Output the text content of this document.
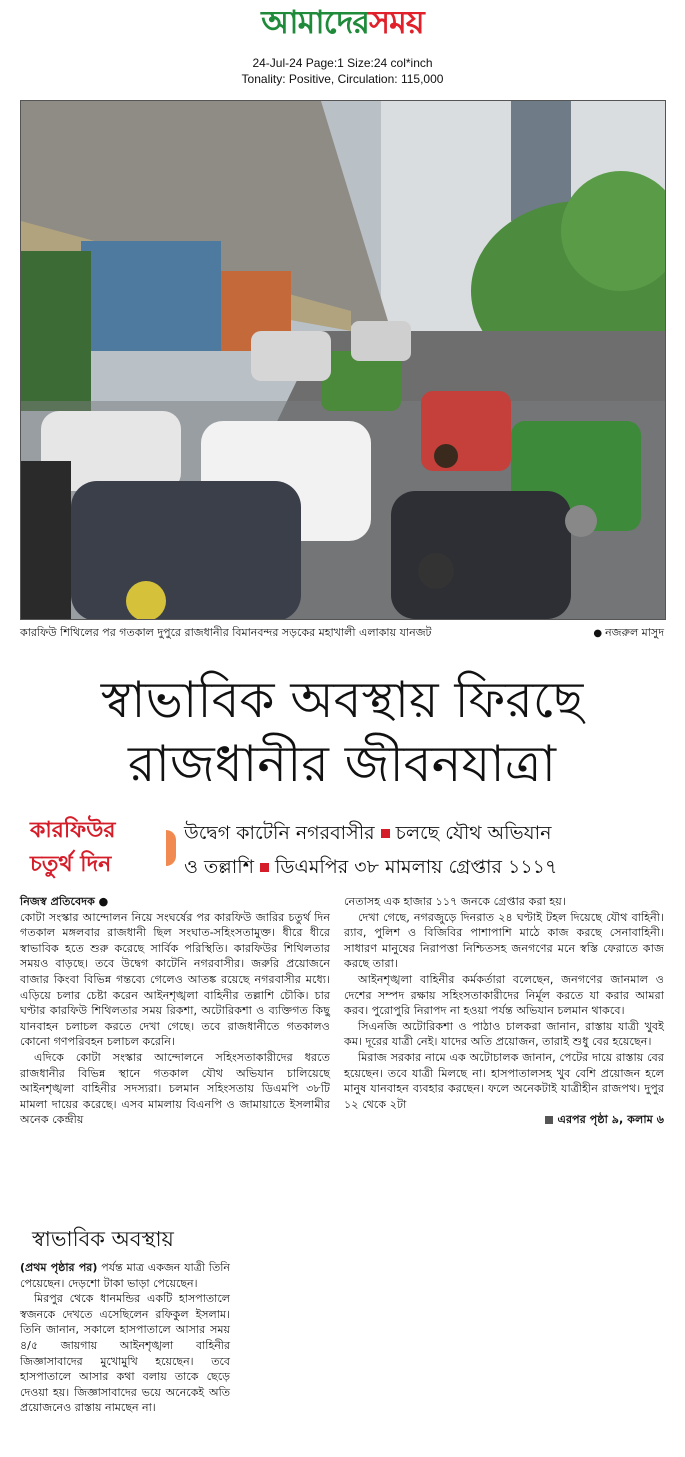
আমাদেরসময়
24-Jul-24 Page:1 Size:24 col*inch
Tonality: Positive, Circulation: 115,000
কারফিউ শিথিলের পর গতকাল দুপুরে রাজধানীর বিমানবন্দর সড়কের মহাখালী এলাকায় যানজট	● নজরুল মাসুদ
স্বাভাবিক অবস্থায় ফিরছে
রাজধানীর জীবনযাত্রা
কারফিউর
চতুর্থ দিন
উদ্বেগ কাটেনি নগরবাসীর চলছে যৌথ অভিযান
ও তল্লাশি ডিএমপির ৩৮ মামলায় গ্রেপ্তার ১১১৭

নিজস্ব প্রতিবেদক ●

কোটা সংস্কার আন্দোলন নিয়ে সংঘর্ষের পর কারফিউ জারির চতুর্থ দিন গতকাল মঙ্গলবার রাজধানী ছিল সংঘাত-সহিংসতামুক্ত। ধীরে ধীরে স্বাভাবিক হতে শুরু করেছে সার্বিক পরিস্থিতি। কারফিউর শিথিলতার সময়ও বাড়ছে। তবে উদ্বেগ কাটেনি নগরবাসীর। জরুরি প্রয়োজনে বাজার কিংবা বিভিন্ন গন্তব্যে গেলেও আতঙ্ক রয়েছে নগরবাসীর মধ্যে। এড়িয়ে চলার চেষ্টা করেন আইনশৃঙ্খলা বাহিনীর তল্লাশি চৌকি। চার ঘণ্টার কারফিউ শিথিলতার সময় রিকশা, অটোরিকশা ও ব্যক্তিগত কিছু যানবাহন চলাচল করতে দেখা গেছে। তবে রাজধানীতে গতকালও কোনো গণপরিবহন চলাচল করেনি।

এদিকে কোটা সংস্কার আন্দোলনে সহিংসতাকারীদের ধরতে রাজধানীর বিভিন্ন স্থানে গতকাল যৌথ অভিযান চালিয়েছে আইনশৃঙ্খলা বাহিনীর সদস্যরা। চলমান সহিংসতায় ডিএমপি ৩৮টি মামলা দায়ের করেছে। এসব মামলায় বিএনপি ও জামায়াতে ইসলামীর অনেক কেন্দ্রীয়

নেতাসহ এক হাজার ১১৭ জনকে গ্রেপ্তার করা হয়।

দেখা গেছে, নগরজুড়ে দিনরাত ২৪ ঘণ্টাই টহল দিয়েছে যৌথ বাহিনী। র‍্যাব, পুলিশ ও বিজিবির পাশাপাশি মাঠে কাজ করছে সেনাবাহিনী। সাধারণ মানুষের নিরাপত্তা নিশ্চিতসহ জনগণের মনে স্বস্তি ফেরাতে কাজ করছে তারা।

আইনশৃঙ্খলা বাহিনীর কর্মকর্তারা বলেছেন, জনগণের জানমাল ও দেশের সম্পদ রক্ষায় সহিংসতাকারীদের নির্মূল করতে যা করার আমরা করব। পুরোপুরি নিরাপদ না হওয়া পর্যন্ত অভিযান চলমান থাকবে।

সিএনজি অটোরিকশা ও পাঠাও চালকরা জানান, রাস্তায় যাত্রী খুবই কম। দূরের যাত্রী নেই। যাদের অতি প্রয়োজন, তারাই শুধু বের হয়েছেন।

মিরাজ সরকার নামে এক অটোচালক জানান, পেটের দায়ে রাস্তায় বের হয়েছেন। তবে যাত্রী মিলছে না। হাসপাতালসহ খুব বেশি প্রয়োজন হলে মানুষ যানবাহন ব্যবহার করছেন। ফলে অনেকটাই যাত্রীহীন রাজপথ। দুপুর ১২ থেকে ২টা

এরপর পৃষ্ঠা ৯, কলাম ৬

স্বাভাবিক অবস্থায়

(প্রথম পৃষ্ঠার পর) পর্যন্ত মাত্র একজন যাত্রী তিনি পেয়েছেন। দেড়শো টাকা ভাড়া পেয়েছেন।

মিরপুর থেকে ধানমন্ডির একটি হাসপাতালে স্বজনকে দেখতে এসেছিলেন রফিকুল ইসলাম। তিনি জানান, সকালে হাসপাতালে আসার সময় ৪/৫ জায়গায় আইনশৃঙ্খলা বাহিনীর জিজ্ঞাসাবাদের মুখোমুখি হয়েছেন। তবে হাসপাতালে আসার কথা বলায় তাকে ছেড়ে দেওয়া হয়। জিজ্ঞাসাবাদের ভয়ে অনেকেই অতি প্রয়োজনেও রাস্তায় নামছেন না।
